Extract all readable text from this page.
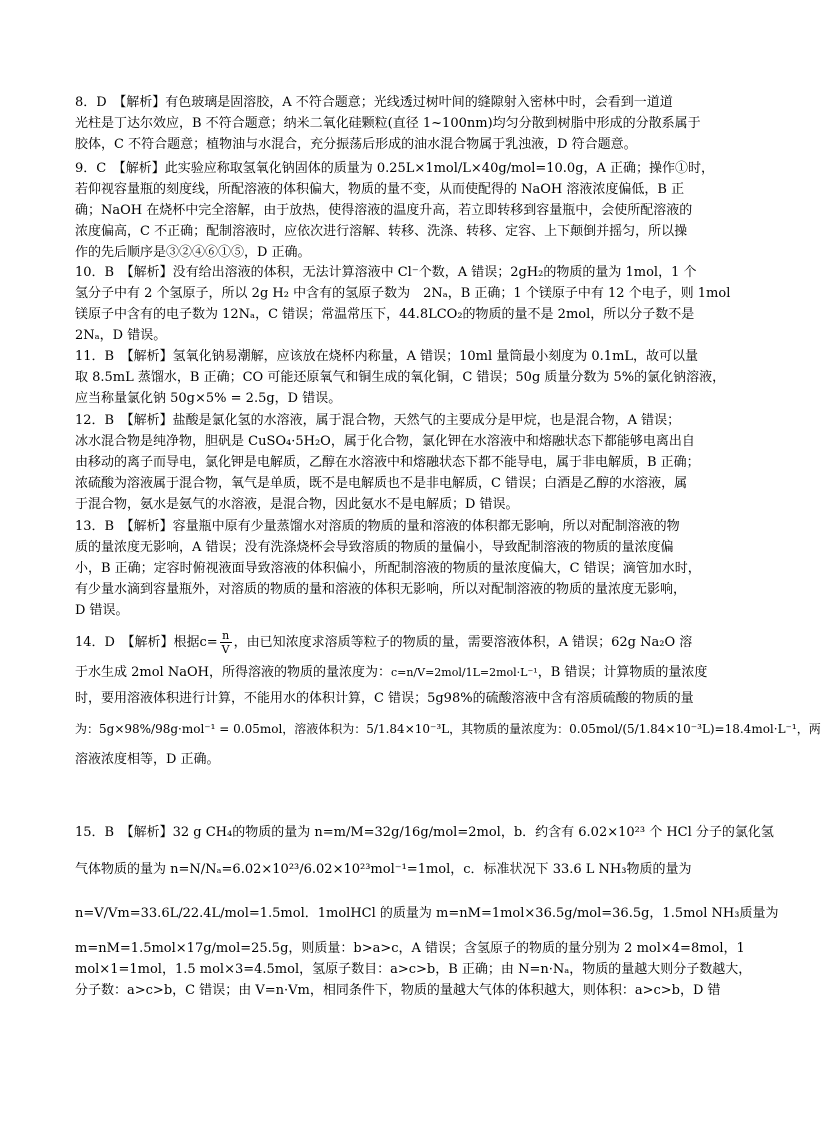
8．D　【解析】有色玻璃是固溶胶，A 不符合题意；光线透过树叶间的缝隙射入密林中时，会看到一道道
光柱是丁达尔效应，B 不符合题意；纳米二氧化硅颗粒(直径 1~100nm)均匀分散到树脂中形成的分散系属于
胶体，C 不符合题意；植物油与水混合，充分振荡后形成的油水混合物属于乳浊液，D 符合题意。
9．C　【解析】此实验应称取氢氧化钠固体的质量为 0.25L×1mol/L×40g/mol=10.0g，A 正确；操作①时，
若仰视容量瓶的刻度线，所配溶液的体积偏大，物质的量不变，从而使配得的 NaOH 溶液浓度偏低，B 正
确；NaOH 在烧杯中完全溶解，由于放热，使得溶液的温度升高，若立即转移到容量瓶中，会使所配溶液的
浓度偏高，C 不正确；配制溶液时，应依次进行溶解、转移、洗涤、转移、定容、上下颠倒并摇匀，所以操
作的先后顺序是③②④⑥①⑤，D 正确。
10．B　【解析】没有给出溶液的体积，无法计算溶液中 Cl⁻个数，A 错误；2gH₂的物质的量为 1mol，1 个
氢分子中有 2 个氢原子，所以 2g H₂ 中含有的氢原子数为　2Nₐ，B 正确；1 个镁原子中有 12 个电子，则 1mol
镁原子中含有的电子数为 12Nₐ，C 错误；常温常压下，44.8LCO₂的物质的量不是 2mol，所以分子数不是
2Nₐ，D 错误。
11．B　【解析】氢氧化钠易潮解，应该放在烧杯内称量，A 错误；10ml 量筒最小刻度为 0.1mL，故可以量
取 8.5mL 蒸馏水，B 正确；CO 可能还原氧气和铜生成的氧化铜，C 错误；50g 质量分数为 5%的氯化钠溶液，
应当称量氯化钠 50g×5% = 2.5g，D 错误。
12．B　【解析】盐酸是氯化氢的水溶液，属于混合物，天然气的主要成分是甲烷，也是混合物，A 错误；
冰水混合物是纯净物，胆矾是 CuSO₄·5H₂O，属于化合物，氯化钾在水溶液中和熔融状态下都能够电离出自
由移动的离子而导电，氯化钾是电解质，乙醇在水溶液中和熔融状态下都不能导电，属于非电解质，B 正确；
浓硫酸为溶液属于混合物，氧气是单质，既不是电解质也不是非电解质，C 错误；白酒是乙醇的水溶液，属
于混合物，氨水是氨气的水溶液，是混合物，因此氨水不是电解质；D 错误。
13．B　【解析】容量瓶中原有少量蒸馏水对溶质的物质的量和溶液的体积都无影响，所以对配制溶液的物
质的量浓度无影响，A 错误；没有洗涤烧杯会导致溶质的物质的量偏小，导致配制溶液的物质的量浓度偏
小，B 正确；定容时俯视液面导致溶液的体积偏小，所配制溶液的物质的量浓度偏大，C 错误；滴管加水时，
有少量水滴到容量瓶外，对溶质的物质的量和溶液的体积无影响，所以对配制溶液的物质的量浓度无影响，
D 错误。
14．D　【解析】根据$c= \frac{n}{V}$ ，由已知浓度求溶质等粒子的物质的量，需要溶液体积，A 错误；62g Na₂O 溶
于水生成 2mol NaOH，所得溶液的物质的量浓度为：c=n/V=2mol/1L=2mol·L⁻¹，B 错误；计算物质的量浓度
时，要用溶液体积进行计算，不能用水的体积计算，C 错误；5g98%的硫酸溶液中含有溶质硫酸的物质的量
为：5g×98%/98g·mol⁻¹ = 0.05mol，溶液体积为：5/1.84×10⁻³L，其物质的量浓度为：0.05mol/(5/1.84×10⁻³L)=18.4mol·L⁻¹，两
溶液浓度相等，D 正确。
15．B　【解析】32 g CH₄的物质的量为 n=m/M=32g/16g/mol=2mol，b．约含有 6.02×10²³ 个 HCl 分子的氯化氢
气体物质的量为 n=N/Nₐ=6.02×10²³/6.02×10²³mol⁻¹=1mol，c．标准状况下 33.6 L NH₃物质的量为
n=V/Vm=33.6L/22.4L/mol=1.5mol．1molHCl 的质量为 m=nM=1mol×36.5g/mol=36.5g，1.5mol NH₃质量为
m=nM=1.5mol×17g/mol=25.5g，则质量：b>a>c，A 错误；含氢原子的物质的量分别为 2 mol×4=8mol，1
mol×1=1mol，1.5 mol×3=4.5mol，氢原子数目：a>c>b，B 正确；由 N=n·Nₐ，物质的量越大则分子数越大，
分子数：a>c>b，C 错误；由 V=n·Vm，相同条件下，物质的量越大气体的体积越大，则体积：a>c>b，D 错
